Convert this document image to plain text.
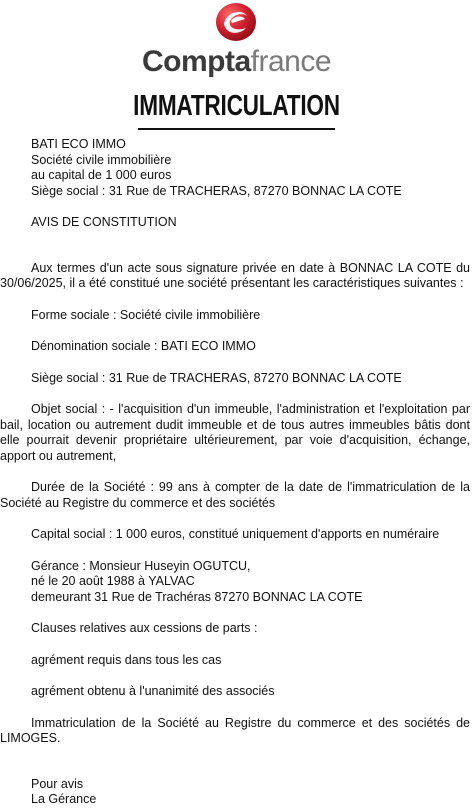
Comptafrance
IMMATRICULATION
BATI ECO IMMO
Société civile immobilière
au capital de 1 000 euros
Siège social : 31 Rue de TRACHERAS, 87270 BONNAC LA COTE
AVIS DE CONSTITUTION
Aux termes d'un acte sous signature privée en date à BONNAC LA COTE du 30/06/2025, il a été constitué une société présentant les caractéristiques suivantes :
Forme sociale : Société civile immobilière
Dénomination sociale : BATI ECO IMMO
Siège social : 31 Rue de TRACHERAS, 87270 BONNAC LA COTE
Objet social : - l'acquisition d'un immeuble, l'administration et l'exploitation par bail, location ou autrement dudit immeuble et de tous autres immeubles bâtis dont elle pourrait devenir propriétaire ultérieurement, par voie d'acquisition, échange, apport ou autrement,
Durée de la Société : 99 ans à compter de la date de l'immatriculation de la Société au Registre du commerce et des sociétés
Capital social : 1 000 euros, constitué uniquement d'apports en numéraire
Gérance : Monsieur Huseyin OGUTCU,
né le 20 août 1988 à YALVAC
demeurant 31 Rue de Trachéras 87270 BONNAC LA COTE
Clauses relatives aux cessions de parts :
agrément requis dans tous les cas
agrément obtenu à l'unanimité des associés
Immatriculation de la Société au Registre du commerce et des sociétés de LIMOGES.
Pour avis
La Gérance
